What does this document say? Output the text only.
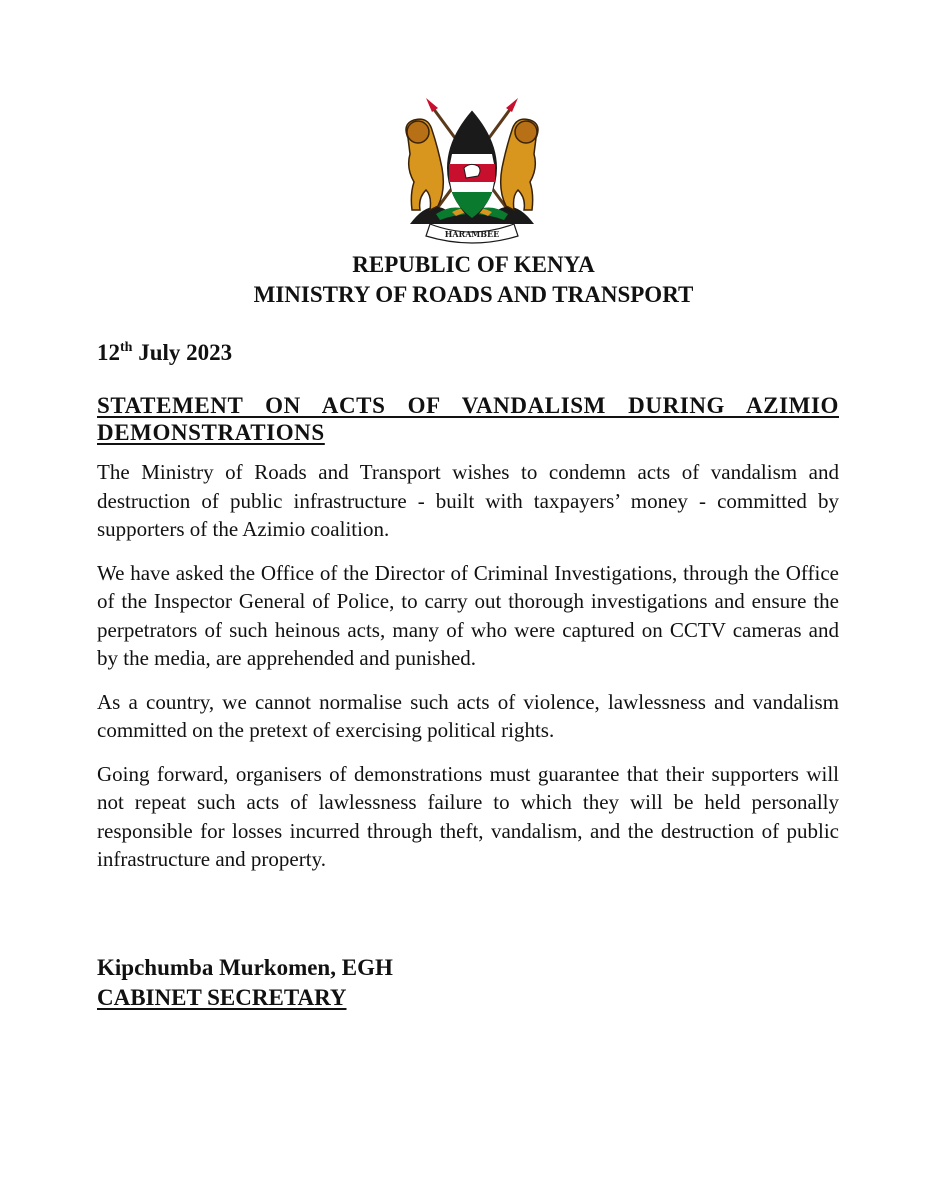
HARAMBEE
REPUBLIC OF KENYA
MINISTRY OF ROADS AND TRANSPORT
12th July 2023
STATEMENT ON ACTS OF VANDALISM DURING AZIMIO DEMONSTRATIONS

The Ministry of Roads and Transport wishes to condemn acts of vandalism and destruction of public infrastructure - built with taxpayers’ money - committed by supporters of the Azimio coalition.

We have asked the Office of the Director of Criminal Investigations, through the Office of the Inspector General of Police, to carry out thorough investigations and ensure the perpetrators of such heinous acts, many of who were captured on CCTV cameras and by the media, are apprehended and punished.

As a country, we cannot normalise such acts of violence, lawlessness and vandalism committed on the pretext of exercising political rights.

Going forward, organisers of demonstrations must guarantee that their supporters will not repeat such acts of lawlessness failure to which they will be held personally responsible for losses incurred through theft, vandalism, and the destruction of public infrastructure and property.

Kipchumba Murkomen, EGH
CABINET SECRETARY
